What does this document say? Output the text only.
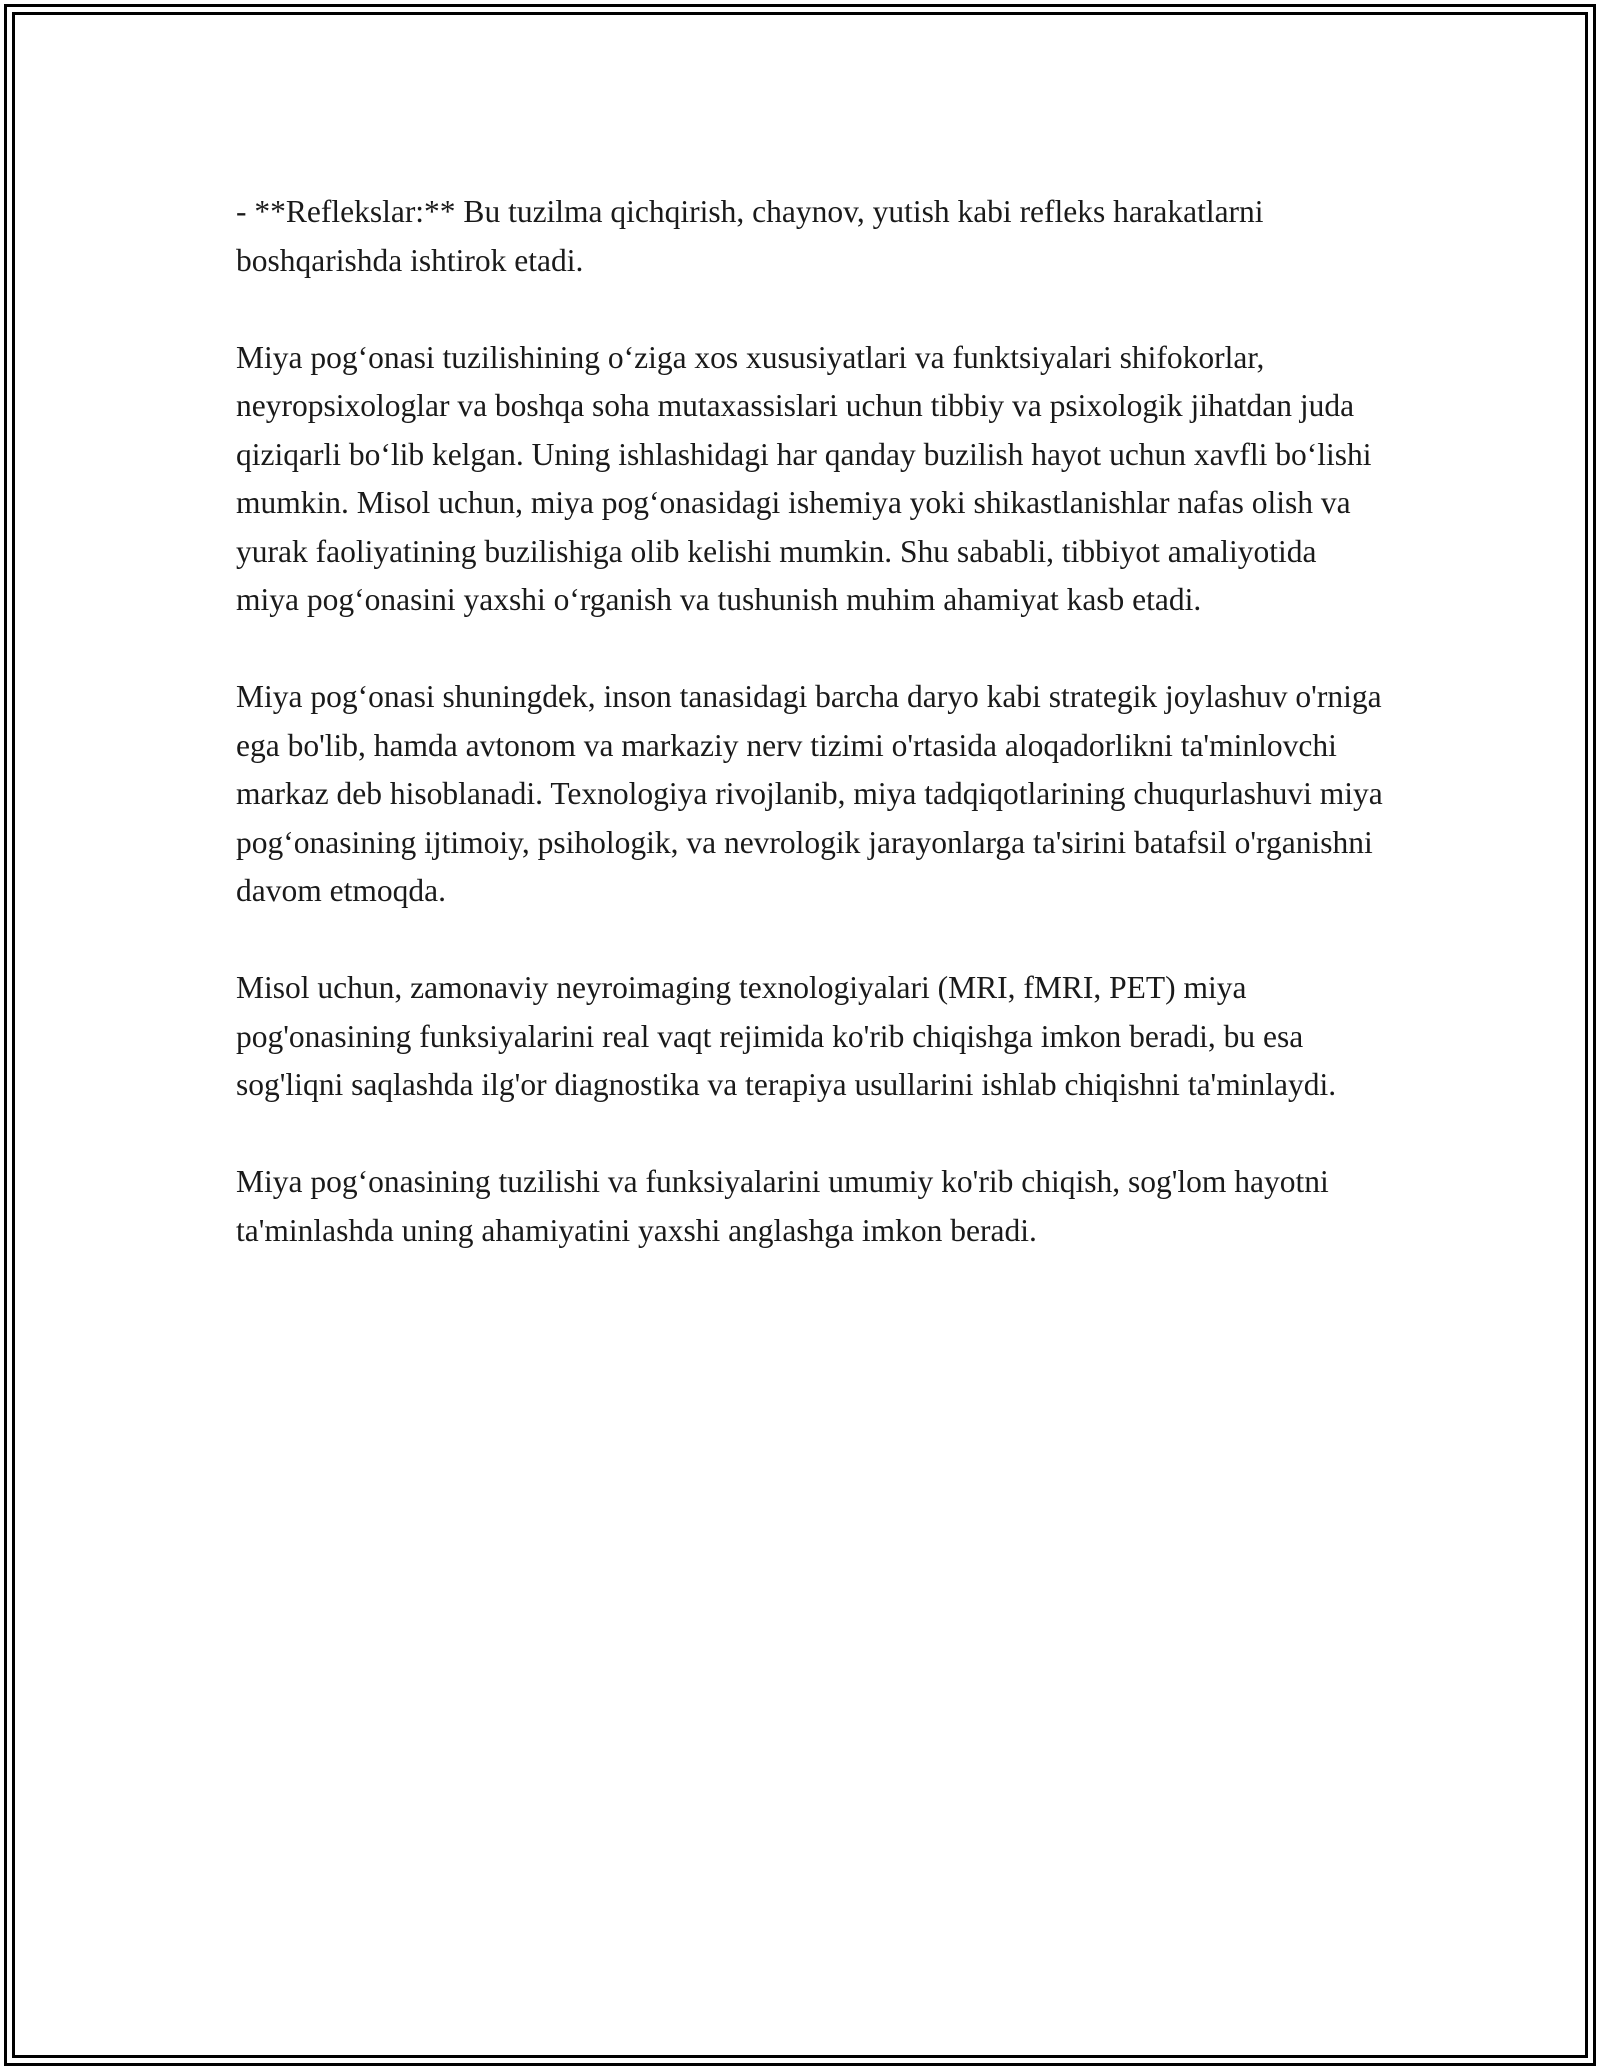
- **Reflekslar:** Bu tuzilma qichqirish, chaynov, yutish kabi refleks harakatlarni boshqarishda ishtirok etadi.

Miya pog‘onasi tuzilishining o‘ziga xos xususiyatlari va funktsiyalari shifokorlar, neyropsixologlar va boshqa soha mutaxassislari uchun tibbiy va psixologik jihatdan juda qiziqarli bo‘lib kelgan. Uning ishlashidagi har qanday buzilish hayot uchun xavfli bo‘lishi mumkin. Misol uchun, miya pog‘onasidagi ishemiya yoki shikastlanishlar nafas olish va yurak faoliyatining buzilishiga olib kelishi mumkin. Shu sababli, tibbiyot amaliyotida miya pog‘onasini yaxshi o‘rganish va tushunish muhim ahamiyat kasb etadi.

Miya pog‘onasi shuningdek, inson tanasidagi barcha daryo kabi strategik joylashuv o'rniga ega bo'lib, hamda avtonom va markaziy nerv tizimi o'rtasida aloqadorlikni ta'minlovchi markaz deb hisoblanadi. Texnologiya rivojlanib, miya tadqiqotlarining chuqurlashuvi miya pog‘onasining ijtimoiy, psihologik, va nevrologik jarayonlarga ta'sirini batafsil o'rganishni davom etmoqda.

Misol uchun, zamonaviy neyroimaging texnologiyalari (MRI, fMRI, PET) miya pog'onasining funksiyalarini real vaqt rejimida ko'rib chiqishga imkon beradi, bu esa sog'liqni saqlashda ilg'or diagnostika va terapiya usullarini ishlab chiqishni ta'minlaydi.

Miya pog‘onasining tuzilishi va funksiyalarini umumiy ko'rib chiqish, sog'lom hayotni ta'minlashda uning ahamiyatini yaxshi anglashga imkon beradi.
